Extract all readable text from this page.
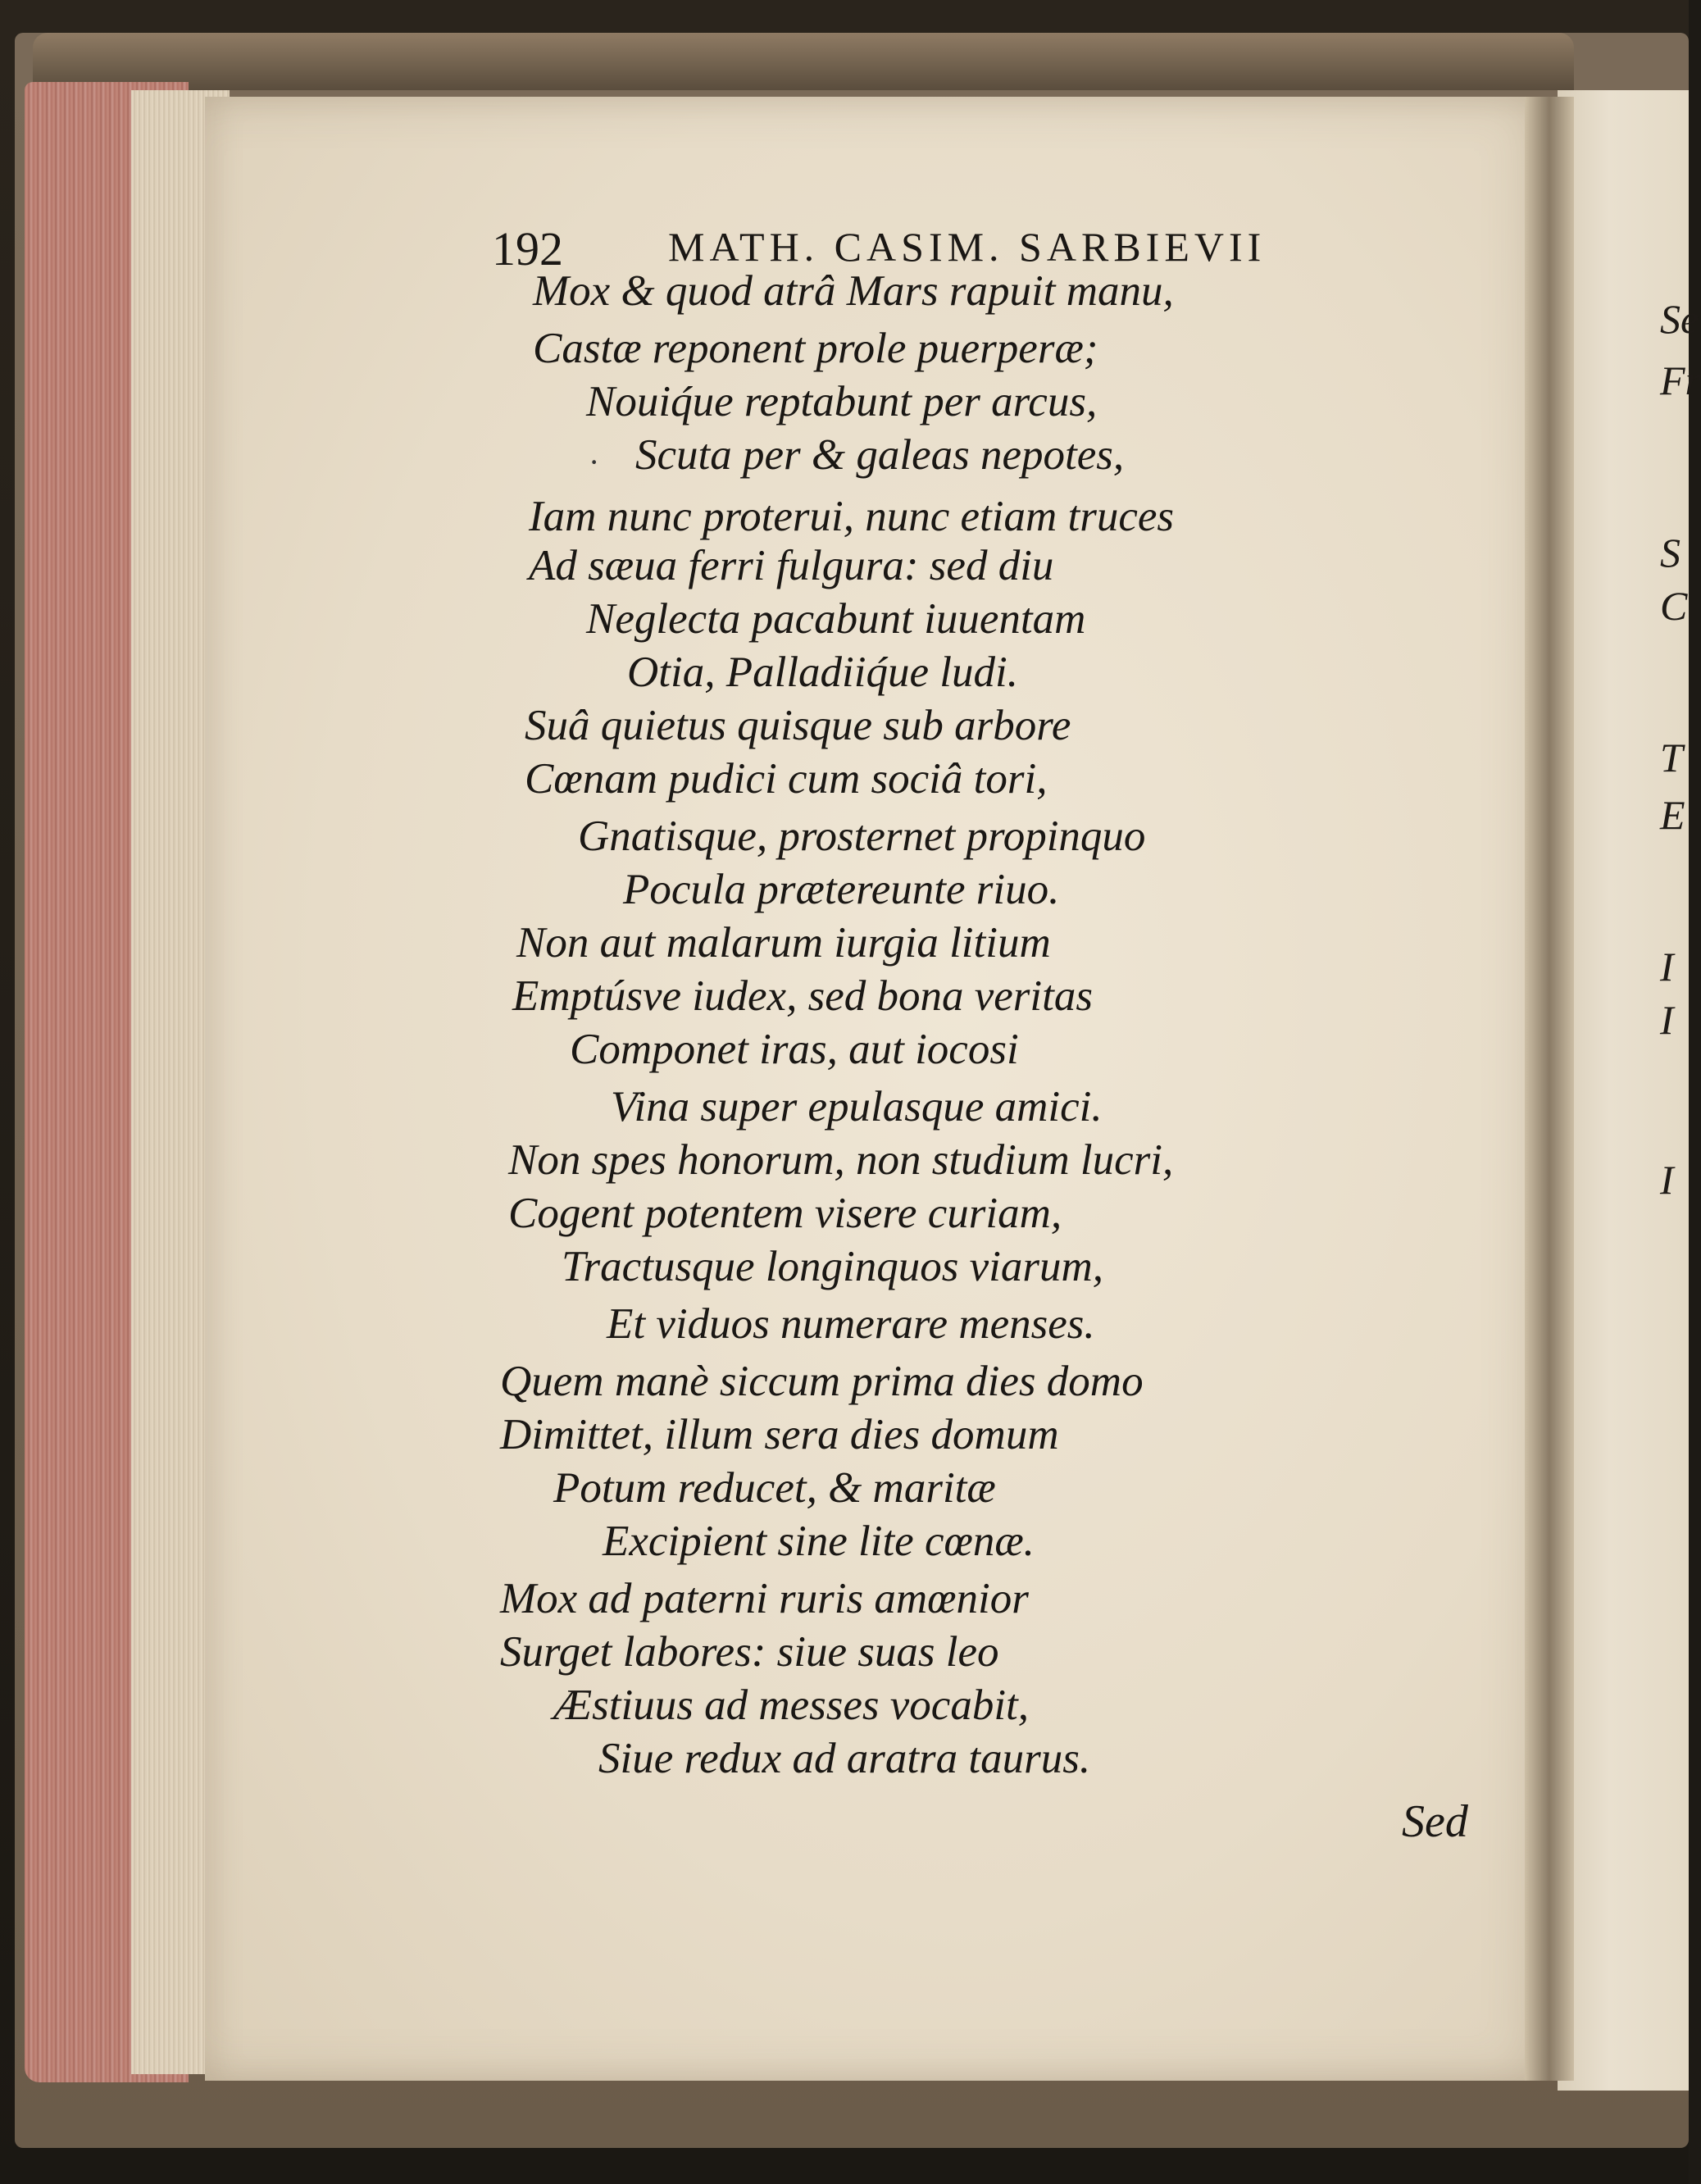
Se
Fr
S
C
T
E
I
I
I
192	MATH. CASIM. SARBIEVII
·
Mox & quod atrâ Mars rapuit manu,
Castæ reponent prole puerperæ;
Nouiq́ue reptabunt per arcus,
Scuta per & galeas nepotes,
Iam nunc proterui, nunc etiam truces
Ad sæua ferri fulgura: sed diu
Neglecta pacabunt iuuentam
Otia, Palladiiq́ue ludi.
Suâ quietus quisque sub arbore
Cœnam pudici cum sociâ tori,
Gnatisque, prosternet propinquo
Pocula prætereunte riuo.
Non aut malarum iurgia litium
Emptúsve iudex, sed bona veritas
Componet iras, aut iocosi
Vina super epulasque amici.
Non spes honorum, non studium lucri,
Cogent potentem visere curiam,
Tractusque longinquos viarum,
Et viduos numerare menses.
Quem manè siccum prima dies domo
Dimittet, illum sera dies domum
Potum reducet, & maritæ
Excipient sine lite cœnæ.
Mox ad paterni ruris amœnior
Surget labores: siue suas leo
Æstiuus ad messes vocabit,
Siue redux ad aratra taurus.
Sed
